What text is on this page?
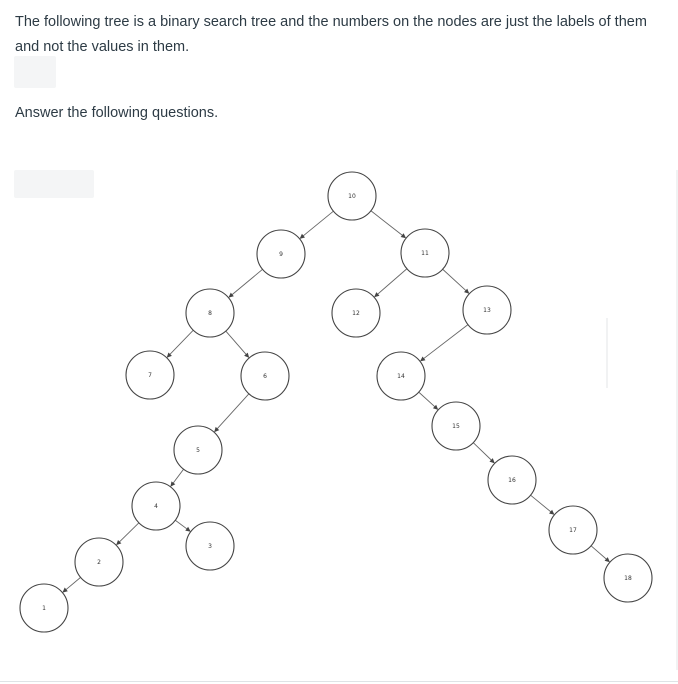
The following tree is a binary search tree and the numbers on the nodes are just the labels of them and not the values in them.

Answer the following questions.

10
9	11
8	12	13
7	6	14
5
15
16
4
3
17
2
18
1
